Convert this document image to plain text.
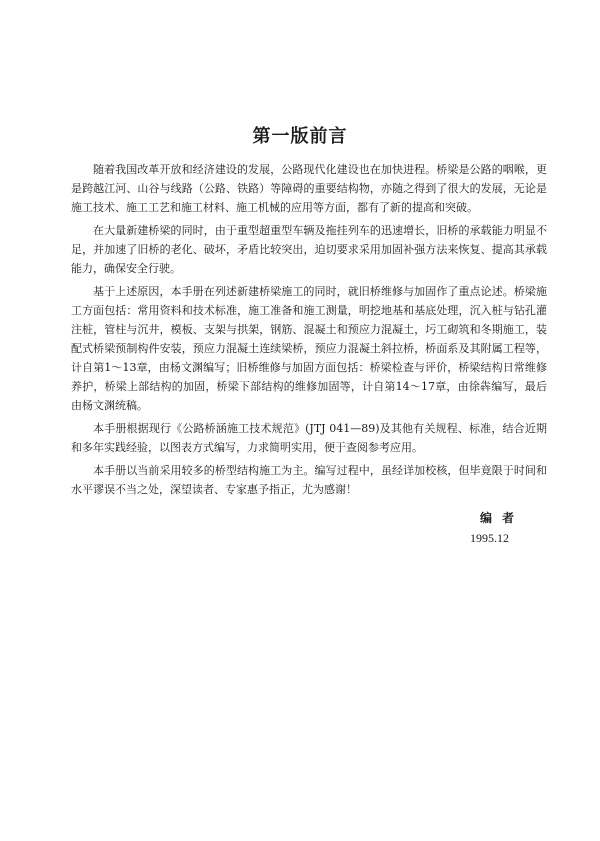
第一版前言

随着我国改革开放和经济建设的发展，公路现代化建设也在加快进程。桥梁是公路的咽喉，更是跨越江河、山谷与线路（公路、铁路）等障碍的重要结构物，亦随之得到了很大的发展，无论是施工技术、施工工艺和施工材料、施工机械的应用等方面，都有了新的提高和突破。

在大量新建桥梁的同时，由于重型超重型车辆及拖挂列车的迅速增长，旧桥的承载能力明显不足，并加速了旧桥的老化、破坏，矛盾比较突出，迫切要求采用加固补强方法来恢复、提高其承载能力，确保安全行驶。

基于上述原因，本手册在列述新建桥梁施工的同时，就旧桥维修与加固作了重点论述。桥梁施工方面包括：常用资料和技术标准，施工准备和施工测量，明挖地基和基底处理，沉入桩与钻孔灌注桩，管柱与沉井，模板、支架与拱架，钢筋、混凝土和预应力混凝土，圬工砌筑和冬期施工，装配式桥梁预制构件安装，预应力混凝土连续梁桥，预应力混凝土斜拉桥，桥面系及其附属工程等，计自第1～13章，由杨文渊编写；旧桥维修与加固方面包括：桥梁检查与评价，桥梁结构日常维修养护，桥梁上部结构的加固，桥梁下部结构的维修加固等，计自第14～17章，由徐犇编写，最后由杨文渊统稿。

本手册根据现行《公路桥涵施工技术规范》(JTJ 041—89)及其他有关规程、标准，结合近期和多年实践经验，以图表方式编写，力求简明实用，便于查阅参考应用。

本手册以当前采用较多的桥型结构施工为主。编写过程中，虽经详加校核，但毕竟限于时间和水平谬误不当之处，深望读者、专家惠予指正，尤为感谢！

编者
1995.12
